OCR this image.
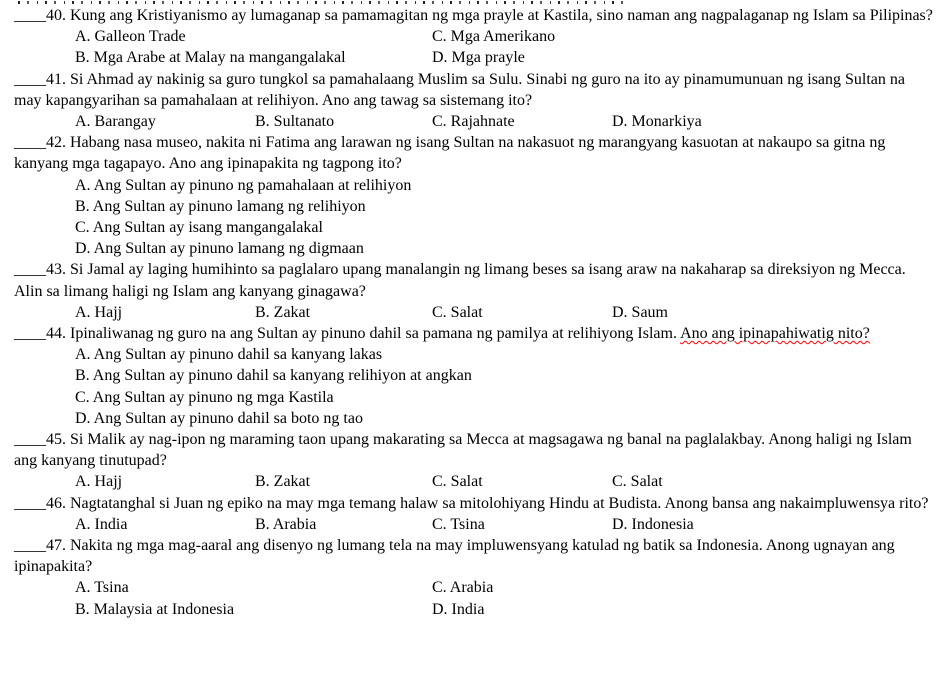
____40. Kung ang Kristiyanismo ay lumaganap sa pamamagitan ng mga prayle at Kastila, sino naman ang nagpalaganap ng Islam sa Pilipinas?
A. Galleon Trade	C. Mga Amerikano
B. Mga Arabe at Malay na mangangalakal	D. Mga prayle
____41. Si Ahmad ay nakinig sa guro tungkol sa pamahalaang Muslim sa Sulu. Sinabi ng guro na ito ay pinamumunuan ng isang Sultan na may kapangyarihan sa pamahalaan at relihiyon. Ano ang tawag sa sistemang ito?
A. Barangay	B. Sultanato	C. Rajahnate	D. Monarkiya
____42. Habang nasa museo, nakita ni Fatima ang larawan ng isang Sultan na nakasuot ng marangyang kasuotan at nakaupo sa gitna ng kanyang mga tagapayo. Ano ang ipinapakita ng tagpong ito?
A. Ang Sultan ay pinuno ng pamahalaan at relihiyon
B. Ang Sultan ay pinuno lamang ng relihiyon
C. Ang Sultan ay isang mangangalakal
D. Ang Sultan ay pinuno lamang ng digmaan
____43. Si Jamal ay laging humihinto sa paglalaro upang manalangin ng limang beses sa isang araw na nakaharap sa direksiyon ng Mecca. Alin sa limang haligi ng Islam ang kanyang ginagawa?
A. Hajj	B. Zakat	C. Salat	D. Saum
____44. Ipinaliwanag ng guro na ang Sultan ay pinuno dahil sa pamana ng pamilya at relihiyong Islam. Ano ang ipinapahiwatig nito?
A. Ang Sultan ay pinuno dahil sa kanyang lakas
B. Ang Sultan ay pinuno dahil sa kanyang relihiyon at angkan
C. Ang Sultan ay pinuno ng mga Kastila
D. Ang Sultan ay pinuno dahil sa boto ng tao
____45. Si Malik ay nag-ipon ng maraming taon upang makarating sa Mecca at magsagawa ng banal na paglalakbay. Anong haligi ng Islam ang kanyang tinutupad?
A. Hajj	B. Zakat	C. Salat	C. Salat
____46. Nagtatanghal si Juan ng epiko na may mga temang halaw sa mitolohiyang Hindu at Budista. Anong bansa ang nakaimpluwensya rito?
A. India	B. Arabia	C. Tsina	D. Indonesia
____47. Nakita ng mga mag-aaral ang disenyo ng lumang tela na may impluwensyang katulad ng batik sa Indonesia. Anong ugnayan ang ipinapakita?
A. Tsina	C. Arabia
B. Malaysia at Indonesia	D. India
